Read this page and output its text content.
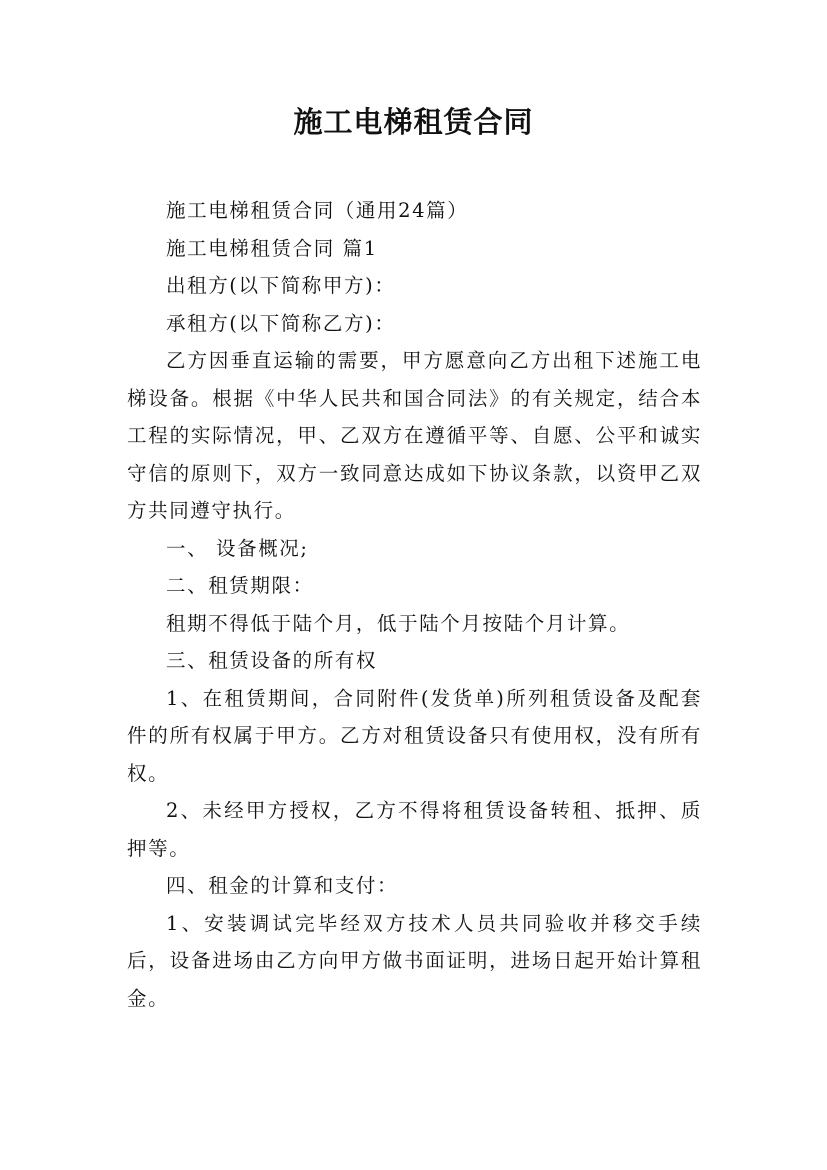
施工电梯租赁合同

施工电梯租赁合同（通用24篇）

施工电梯租赁合同 篇1

出租方(以下简称甲方)：

承租方(以下简称乙方)：

乙方因垂直运输的需要，甲方愿意向乙方出租下述施工电梯设备。根据《中华人民共和国合同法》的有关规定，结合本工程的实际情况，甲、乙双方在遵循平等、自愿、公平和诚实守信的原则下，双方一致同意达成如下协议条款，以资甲乙双方共同遵守执行。

一、 设备概况;

二、租赁期限：

租期不得低于陆个月，低于陆个月按陆个月计算。

三、租赁设备的所有权

1、在租赁期间，合同附件(发货单)所列租赁设备及配套件的所有权属于甲方。乙方对租赁设备只有使用权，没有所有权。

2、未经甲方授权，乙方不得将租赁设备转租、抵押、质押等。

四、租金的计算和支付：

1、安装调试完毕经双方技术人员共同验收并移交手续后，设备进场由乙方向甲方做书面证明，进场日起开始计算租金。
